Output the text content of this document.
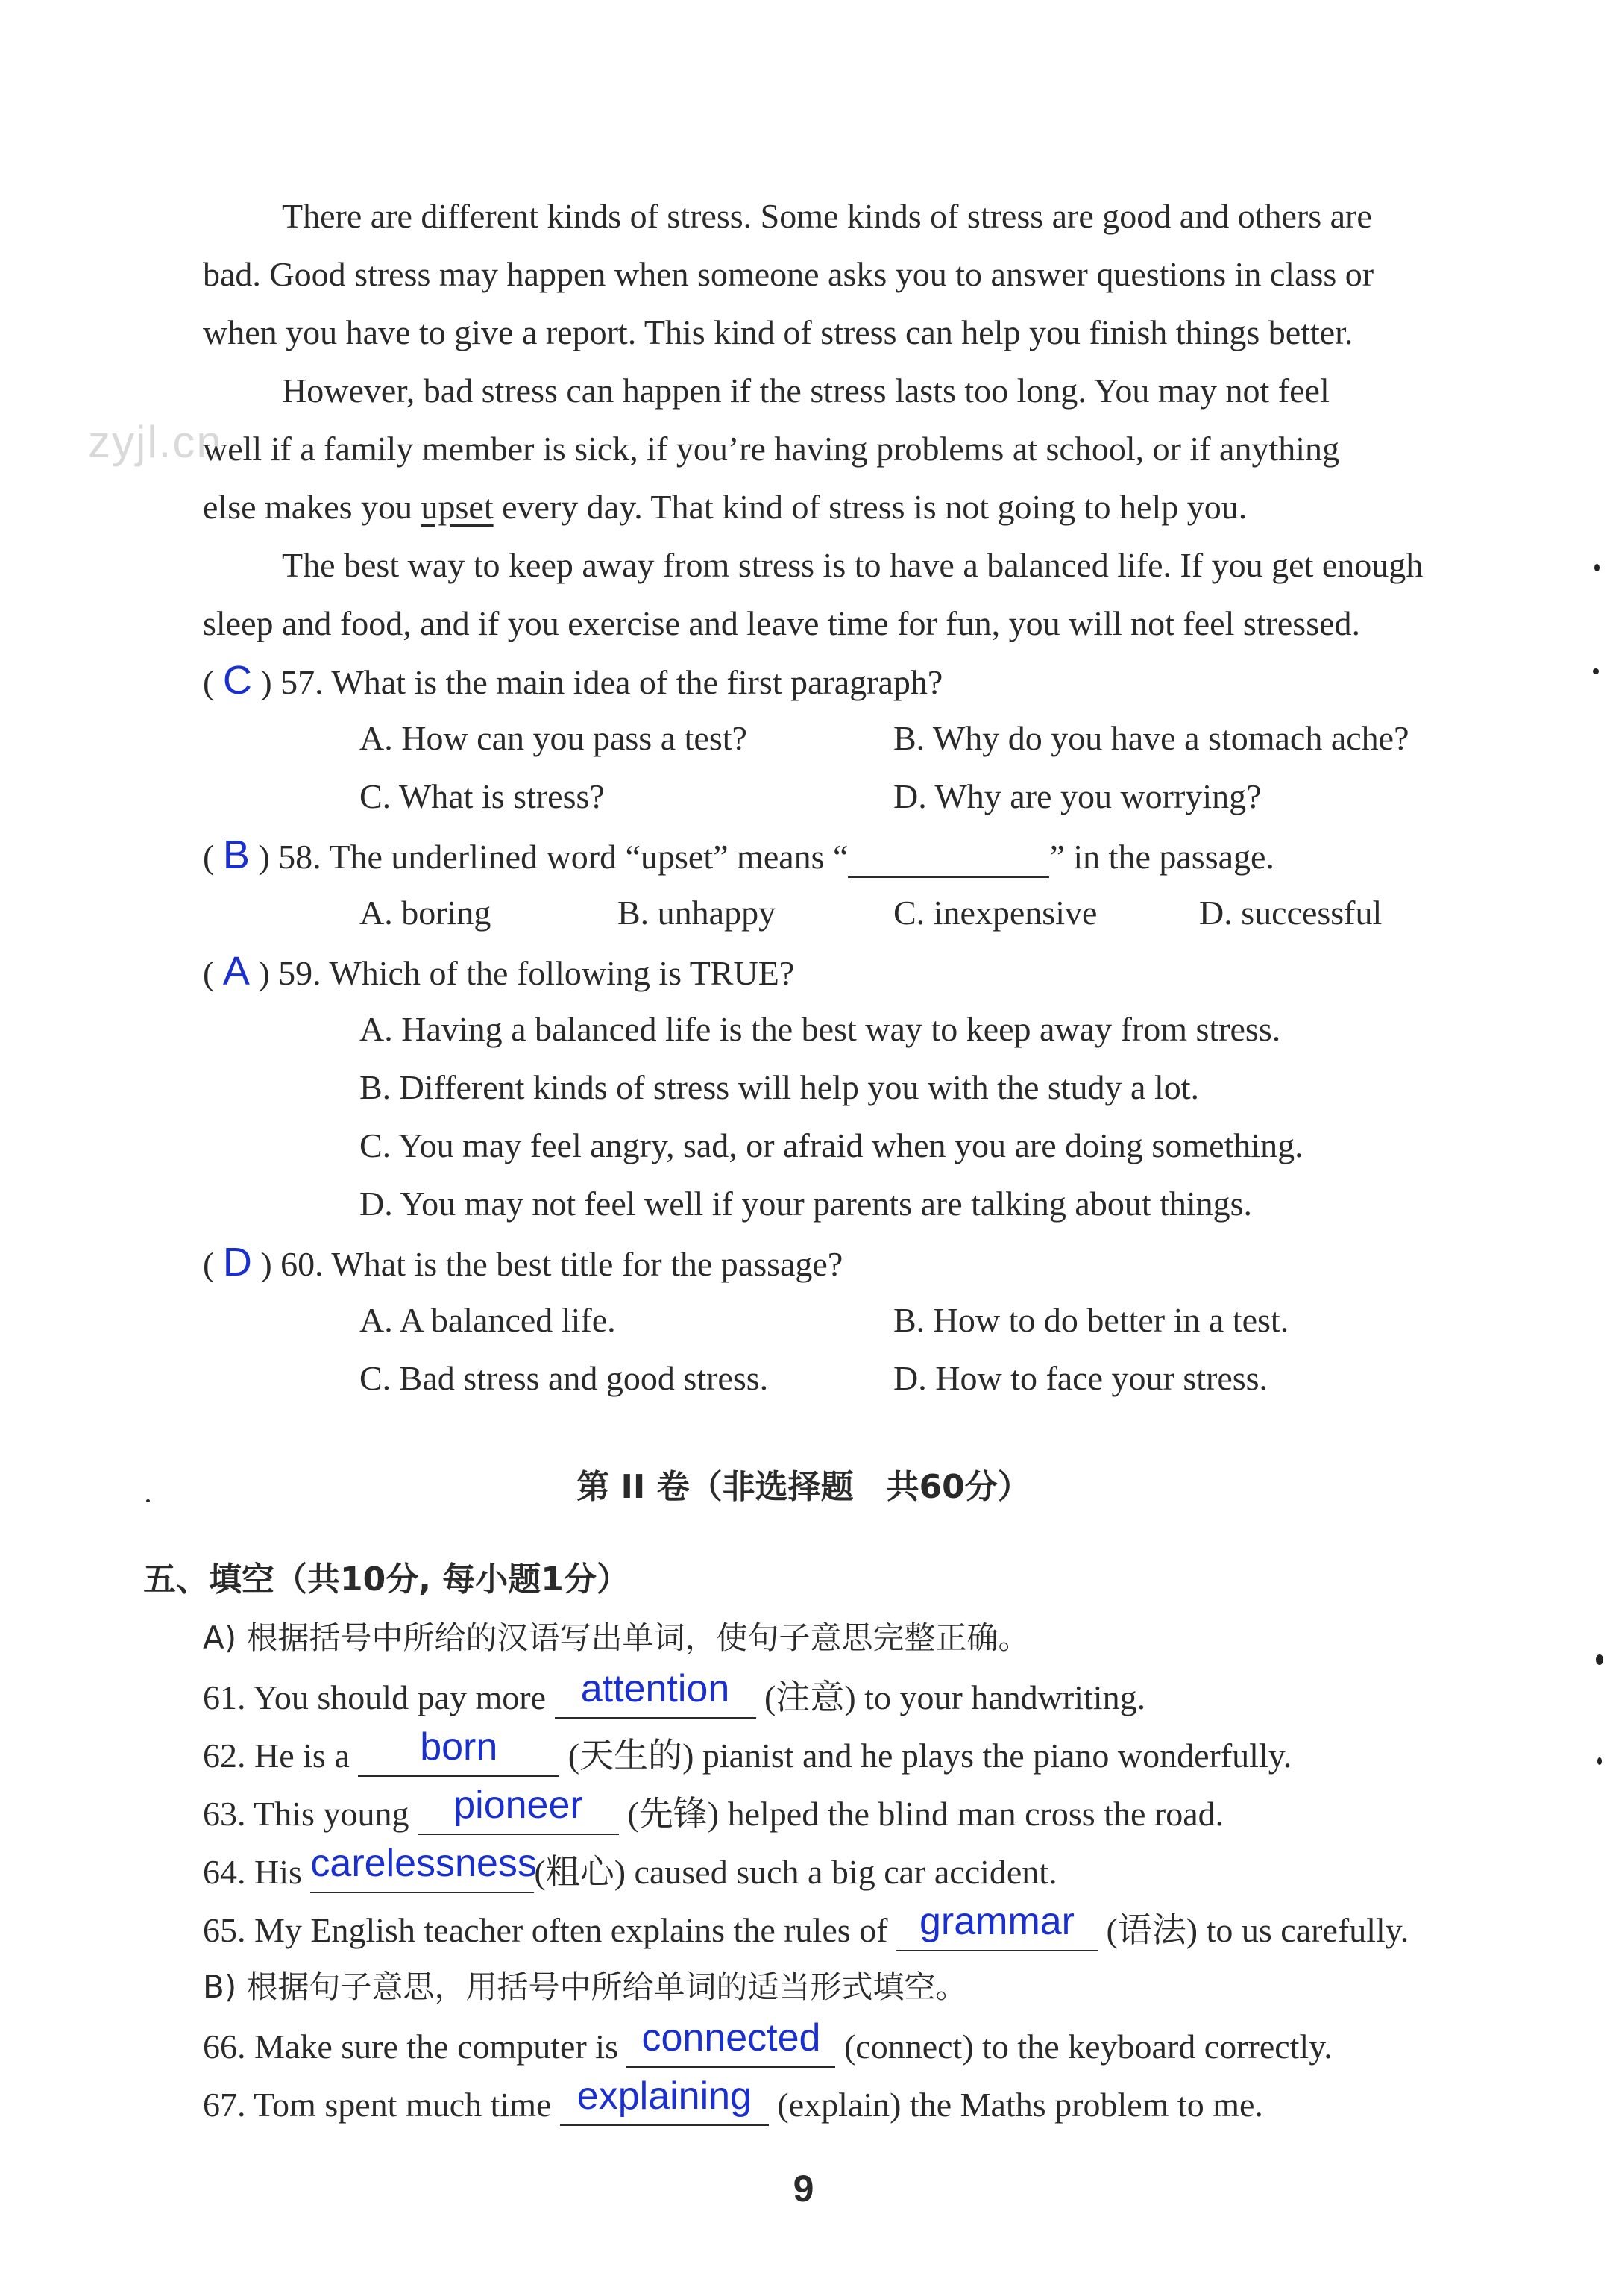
zyjl.cn
There are different kinds of stress. Some kinds of stress are good and others are
bad. Good stress may happen when someone asks you to answer questions in class or
when you have to give a report. This kind of stress can help you finish things better.
However, bad stress can happen if the stress lasts too long. You may not feel
well if a family member is sick, if you’re having problems at school, or if anything
else makes you upset every day. That kind of stress is not going to help you.
The best way to keep away from stress is to have a balanced life. If you get enough
sleep and food, and if you exercise and leave time for fun, you will not feel stressed.
( C ) 57. What is the main idea of the first paragraph?
A. How can you pass a test?	B. Why do you have a stomach ache?
C. What is stress?	D. Why are you worrying?
( B ) 58. The underlined word “upset” means “	” in the passage.
A. boring	B. unhappy	C. inexpensive	D. successful
( A ) 59. Which of the following is TRUE?
A. Having a balanced life is the best way to keep away from stress.
B. Different kinds of stress will help you with the study a lot.
C. You may feel angry, sad, or afraid when you are doing something.
D. You may not feel well if your parents are talking about things.
( D ) 60. What is the best title for the passage?
A. A balanced life.	B. How to do better in a test.
C. Bad stress and good stress.	D. How to face your stress.
第 II 卷（非选择题　共60分）
五、填空（共10分, 每小题1分）
A) 根据括号中所给的汉语写出单词，使句子意思完整正确。
61. You should pay more attention (注意) to your handwriting.
62. He is a	born	(天生的) pianist and he plays the piano wonderfully.
63. This young pioneer	(先锋) helped the blind man cross the road.
64. His carelessness
(粗心) caused such a big car accident.
65. My English teacher often explains the rules of grammar (语法) to us carefully.
B) 根据句子意思，用括号中所给单词的适当形式填空。
66. Make sure the computer is connected (connect) to the keyboard correctly.
67. Tom spent much time explaining (explain) the Maths problem to me.
9
